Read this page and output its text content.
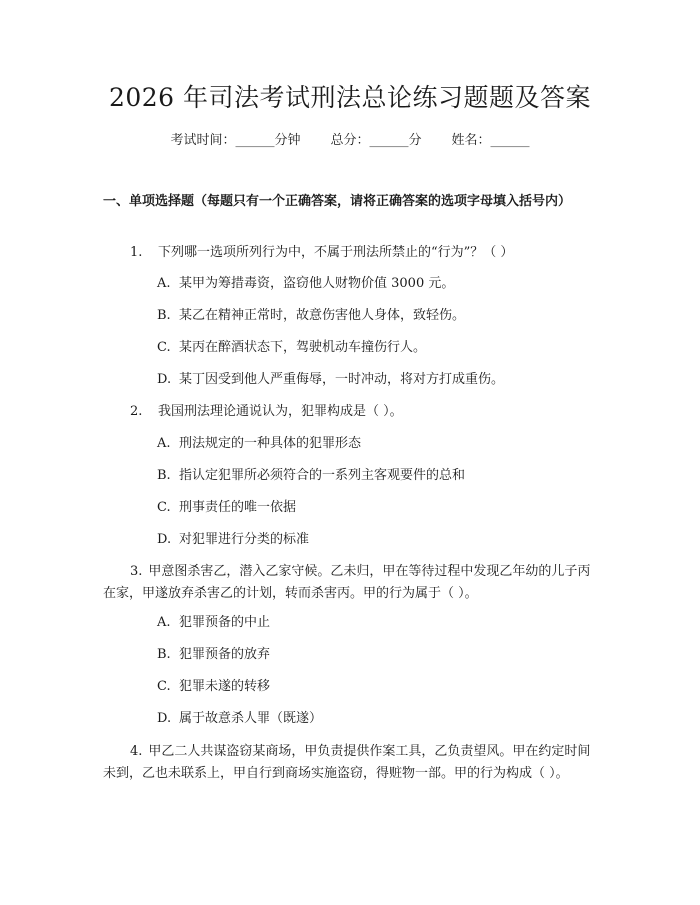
2026 年司法考试刑法总论练习题题及答案
考试时间：______分钟 总分：______分 姓名：______
一、单项选择题（每题只有一个正确答案，请将正确答案的选项字母填入括号内）
1. 下列哪一选项所列行为中，不属于刑法所禁止的“行为”？（ ）
A. 某甲为筹措毒资，盗窃他人财物价值 3000 元。
B. 某乙在精神正常时，故意伤害他人身体，致轻伤。
C. 某丙在醉酒状态下，驾驶机动车撞伤行人。
D. 某丁因受到他人严重侮辱，一时冲动，将对方打成重伤。
2. 我国刑法理论通说认为，犯罪构成是（ ）。
A. 刑法规定的一种具体的犯罪形态
B. 指认定犯罪所必须符合的一系列主客观要件的总和
C. 刑事责任的唯一依据
D. 对犯罪进行分类的标准
3. 甲意图杀害乙，潜入乙家守候。乙未归，甲在等待过程中发现乙年幼的儿子丙在家，甲遂放弃杀害乙的计划，转而杀害丙。甲的行为属于（ ）。
A. 犯罪预备的中止
B. 犯罪预备的放弃
C. 犯罪未遂的转移
D. 属于故意杀人罪（既遂）
4. 甲乙二人共谋盗窃某商场，甲负责提供作案工具，乙负责望风。甲在约定时间未到，乙也未联系上，甲自行到商场实施盗窃，得赃物一部。甲的行为构成（ ）。
